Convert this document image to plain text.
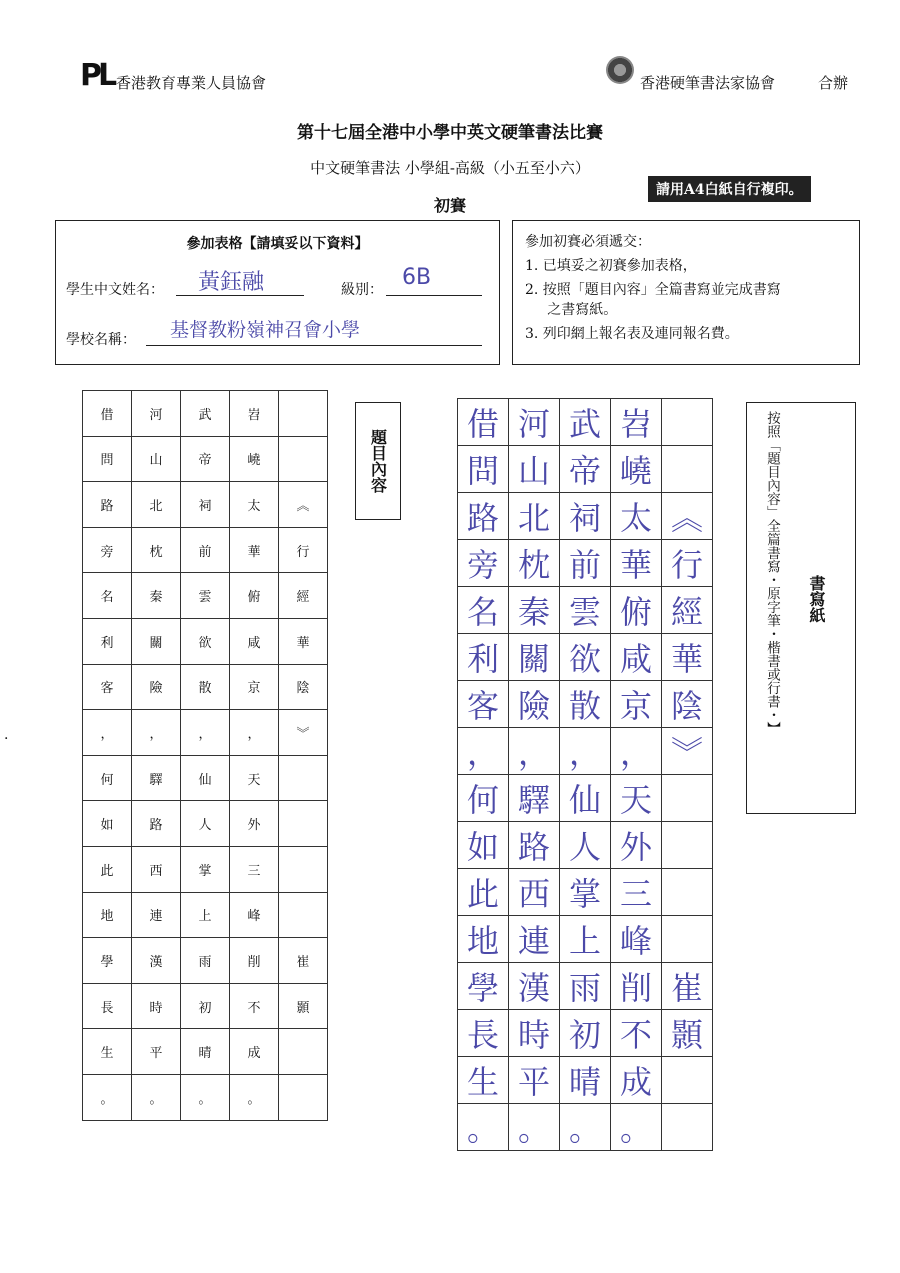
PL 香港教育專業人員協會	香港硬筆書法家協會	合辦
第十七屆全港中小學中英文硬筆書法比賽
中文硬筆書法 小學組-高級（小五至小六）
請用A4白紙自行複印。
初賽
參加表格【請填妥以下資料】
學生中文姓名： 黃鈺融	級別： 6B
學校名稱： 基督教粉嶺神召會小學
參加初賽必須遞交：
1. 已填妥之初賽參加表格，
2. 按照「題目內容」全篇書寫並完成書寫
之書寫紙。
3. 列印網上報名表及連同報名費。
借	河	武	岧	
問	山	帝	嶢	
路	北	祠	太	︽
旁	枕	前	華	行
名	秦	雲	俯	經
利	關	欲	咸	華
客	險	散	京	陰
，	，	，	，	︾
何	驛	仙	天	
如	路	人	外	
此	西	掌	三	
地	連	上	峰	
學	漢	雨	削	崔
長	時	初	不	顥
生	平	晴	成	
。	。	。	。	
題目內容
借	河	武	岧	
問	山	帝	嶢	
路	北	祠	太	︽
旁	枕	前	華	行
名	秦	雲	俯	經
利	關	欲	咸	華
客	險	散	京	陰
，	，	，	，	︾
何	驛	仙	天	
如	路	人	外	
此	西	掌	三	
地	連	上	峰	
學	漢	雨	削	崔
長	時	初	不	顥
生	平	晴	成	
。	。	。	。	
按照「題目內容」全篇書寫・原字筆・楷書或行書・】 書寫紙
·
